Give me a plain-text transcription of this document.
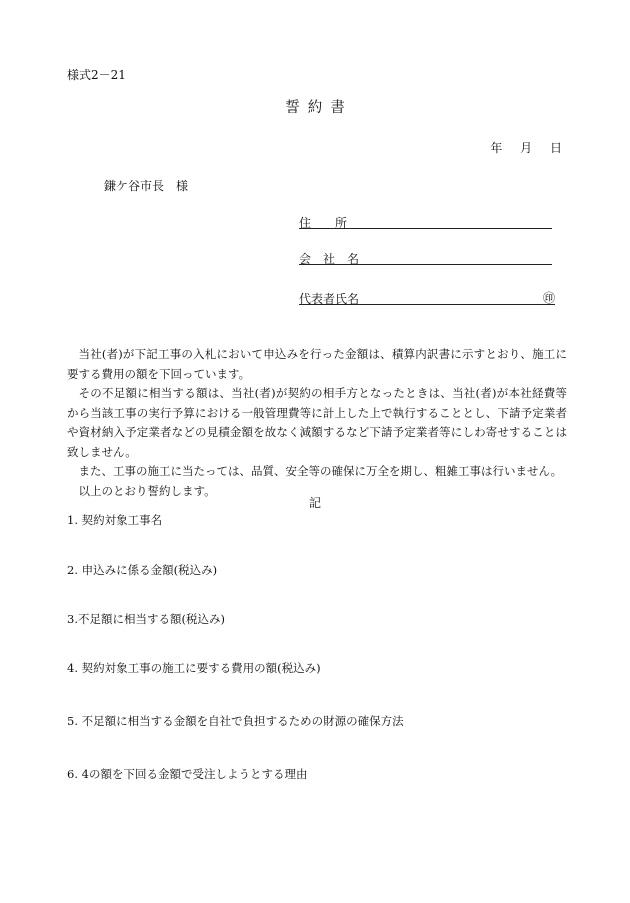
様式2－21
誓約書
年 月 日
鎌ケ谷市長　様
住　　所
会　社　名
代表者氏名	㊞

当社(者)が下記工事の入札において申込みを行った金額は、積算内訳書に示すとおり、施工に要する費用の額を下回っています。

その不足額に相当する額は、当社(者)が契約の相手方となったときは、当社(者)が本社経費等から当該工事の実行予算における一般管理費等に計上した上で執行することとし、下請予定業者や資材納入予定業者などの見積金額を故なく減額するなど下請予定業者等にしわ寄せすることは致しません。

また、工事の施工に当たっては、品質、安全等の確保に万全を期し、粗雑工事は行いません。

以上のとおり誓約します。

記
1. 契約対象工事名
2. 申込みに係る金額(税込み)
3.不足額に相当する額(税込み)
4. 契約対象工事の施工に要する費用の額(税込み)
5. 不足額に相当する金額を自社で負担するための財源の確保方法
6. 4の額を下回る金額で受注しようとする理由
